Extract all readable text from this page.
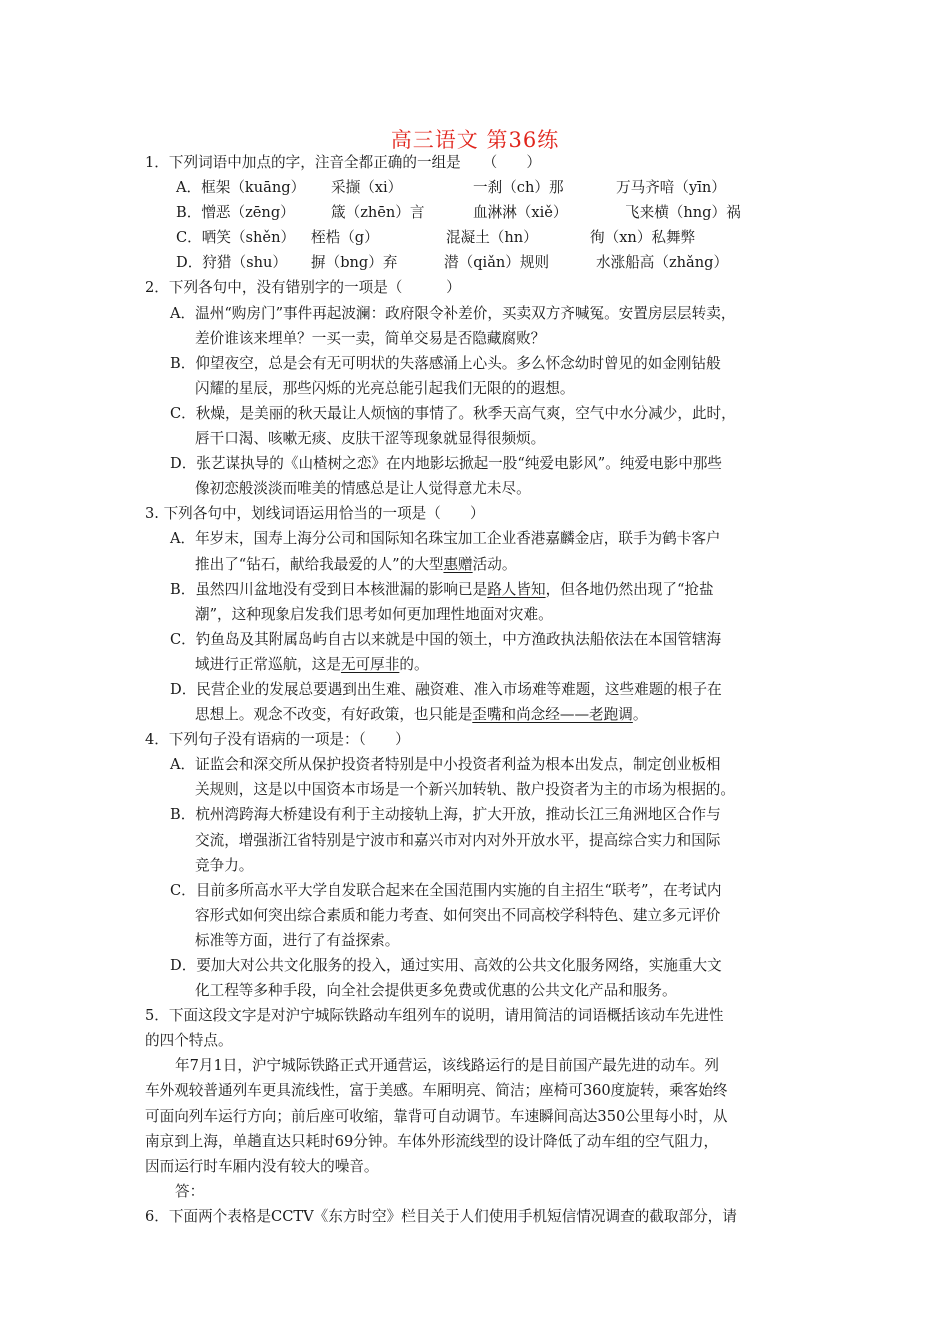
高三语文 第36练
1．下列词语中加点的字，注音全都正确的一组是　　（　　）
A．框架（kuāng） 采撷（xi）	一刹（ch）那	万马齐喑（yīn）
B．憎恶（zēng） 箴（zhēn）言	血淋淋（xiě）	飞来横（hng）祸
C．哂笑（shěn） 桎梏（g）	混凝土（hn）	徇（xn）私舞弊
D．狩猎（shu） 摒（bng）弃	潜（qiǎn）规则	水涨船高（zhǎng）
2．下列各句中，没有错别字的一项是（　　　）
A．温州“购房门”事件再起波澜：政府限令补差价，买卖双方齐喊冤。安置房层层转卖，
差价谁该来埋单？一买一卖，简单交易是否隐藏腐败？
B．仰望夜空，总是会有无可明状的失落感涌上心头。多么怀念幼时曾见的如金刚钻般
闪耀的星辰，那些闪烁的光亮总能引起我们无限的的遐想。
C．秋燥，是美丽的秋天最让人烦恼的事情了。秋季天高气爽，空气中水分减少，此时，
唇干口渴、咳嗽无痰、皮肤干涩等现象就显得很频烦。
D．张艺谋执导的《山楂树之恋》在内地影坛掀起一股“纯爱电影风”。纯爱电影中那些
像初恋般淡淡而唯美的情感总是让人觉得意尤未尽。
3. 下列各句中，划线词语运用恰当的一项是（　　）
A．年岁末，国寿上海分公司和国际知名珠宝加工企业香港嘉麟金店，联手为鹤卡客户
推出了“钻石，献给我最爱的人”的大型惠赠活动。
B．虽然四川盆地没有受到日本核泄漏的影响已是路人皆知，但各地仍然出现了“抢盐
潮”，这种现象启发我们思考如何更加理性地面对灾难。
C．钓鱼岛及其附属岛屿自古以来就是中国的领土，中方渔政执法船依法在本国管辖海
域进行正常巡航，这是无可厚非的。
D．民营企业的发展总要遇到出生难、融资难、准入市场难等难题，这些难题的根子在
思想上。观念不改变，有好政策，也只能是歪嘴和尚念经——老跑调。
4．下列句子没有语病的一项是：（　　）
A．证监会和深交所从保护投资者特别是中小投资者利益为根本出发点，制定创业板相
关规则，这是以中国资本市场是一个新兴加转轨、散户投资者为主的市场为根据的。
B．杭州湾跨海大桥建设有利于主动接轨上海，扩大开放，推动长江三角洲地区合作与
交流，增强浙江省特别是宁波市和嘉兴市对内对外开放水平，提高综合实力和国际
竞争力。
C．目前多所高水平大学自发联合起来在全国范围内实施的自主招生“联考”，在考试内
容形式如何突出综合素质和能力考查、如何突出不同高校学科特色、建立多元评价
标准等方面，进行了有益探索。
D．要加大对公共文化服务的投入，通过实用、高效的公共文化服务网络，实施重大文
化工程等多种手段，向全社会提供更多免费或优惠的公共文化产品和服务。
5．下面这段文字是对沪宁城际铁路动车组列车的说明，请用简洁的词语概括该动车先进性
的四个特点。
年7月1日，沪宁城际铁路正式开通营运，该线路运行的是目前国产最先进的动车。列
车外观较普通列车更具流线性，富于美感。车厢明亮、简洁；座椅可360度旋转，乘客始终
可面向列车运行方向；前后座可收缩，靠背可自动调节。车速瞬间高达350公里每小时，从
南京到上海，单趟直达只耗时69分钟。车体外形流线型的设计降低了动车组的空气阻力，
因而运行时车厢内没有较大的噪音。
答：
6．下面两个表格是CCTV《东方时空》栏目关于人们使用手机短信情况调查的截取部分，请
